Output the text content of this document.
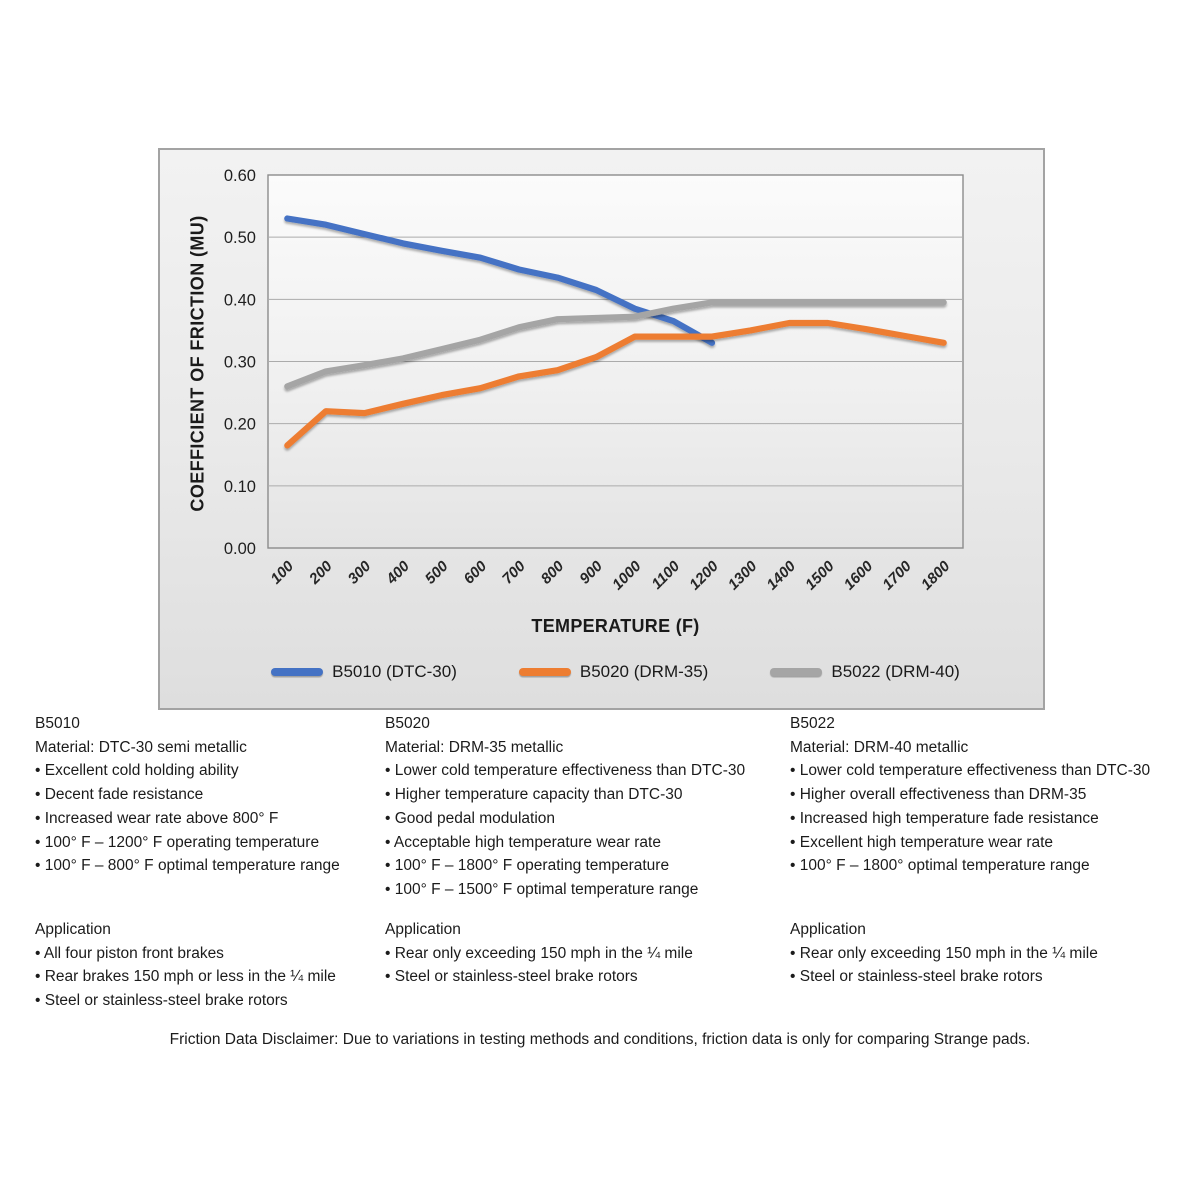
0.00
0.10
0.20
0.30
0.40
0.50
0.60
100 200 300 400 500 600 700 800 900 1000 1100 1200 1300 1400 1500 1600 1700 1800
COEFFICIENT OF FRICTION (MU)
TEMPERATURE (F)
B5010 (DTC-30)	B5020 (DRM-35)	B5022 (DRM-40)
B5010
Material: DTC-30 semi metallic
• Excellent cold holding ability
• Decent fade resistance
• Increased wear rate above 800° F
• 100° F – 1200° F operating temperature
• 100° F – 800° F optimal temperature range
Application
• All four piston front brakes
• Rear brakes 150 mph or less in the ¼ mile
• Steel or stainless-steel brake rotors
B5020
Material: DRM-35 metallic
• Lower cold temperature effectiveness than DTC-30
• Higher temperature capacity than DTC-30
• Good pedal modulation
• Acceptable high temperature wear rate
• 100° F – 1800° F operating temperature
• 100° F – 1500° F optimal temperature range
Application
• Rear only exceeding 150 mph in the ¼ mile
• Steel or stainless-steel brake rotors
B5022
Material: DRM-40 metallic
• Lower cold temperature effectiveness than DTC-30
• Higher overall effectiveness than DRM-35
• Increased high temperature fade resistance
• Excellent high temperature wear rate
• 100° F – 1800° optimal temperature range
Application
• Rear only exceeding 150 mph in the ¼ mile
• Steel or stainless-steel brake rotors
Friction Data Disclaimer: Due to variations in testing methods and conditions, friction data is only for comparing Strange pads.
